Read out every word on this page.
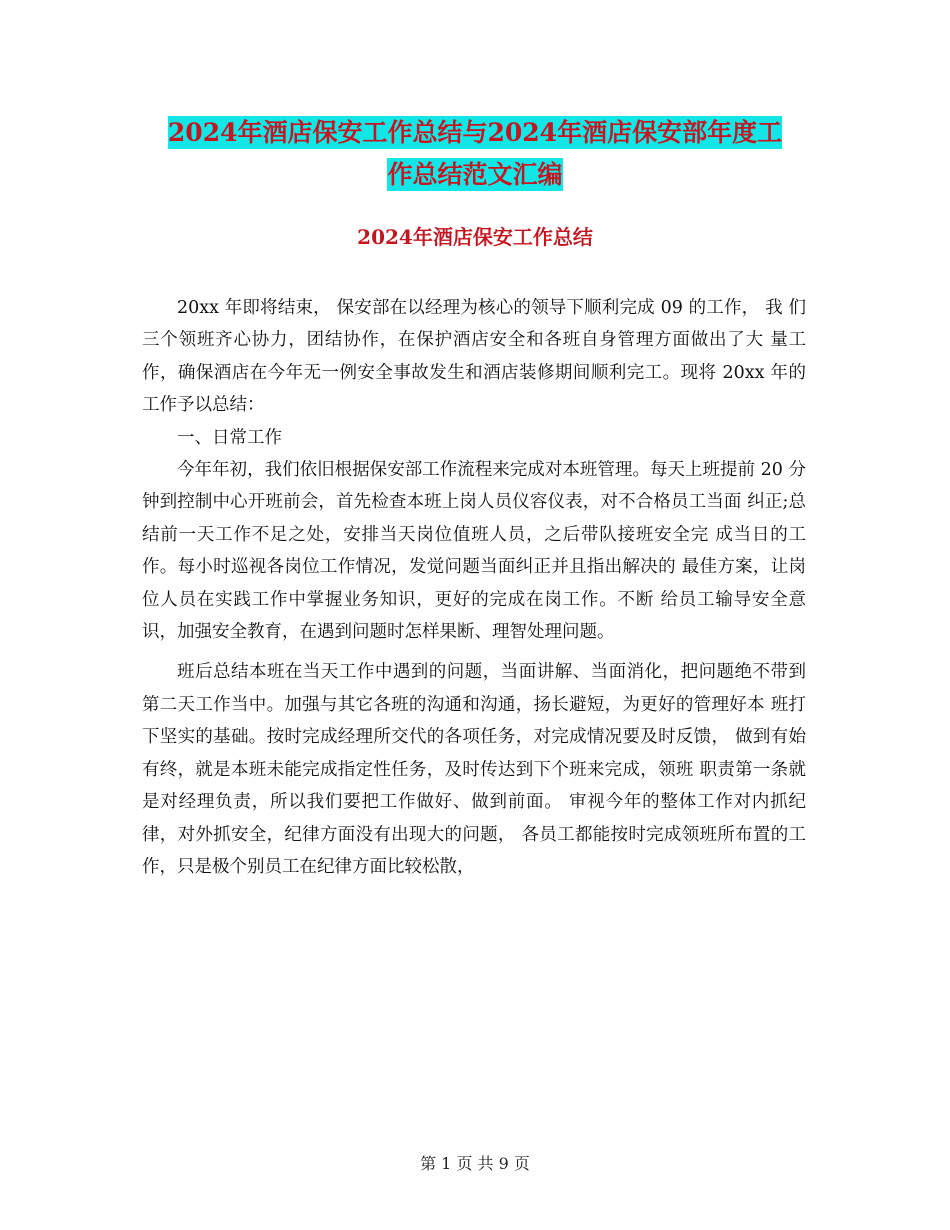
2024年酒店保安工作总结与2024年酒店保安部年度工
作总结范文汇编
2024年酒店保安工作总结

20xx 年即将结束， 保安部在以经理为核心的领导下顺利完成 09 的工作， 我 们三个领班齐心协力，团结协作，在保护酒店安全和各班自身管理方面做出了大 量工作，确保酒店在今年无一例安全事故发生和酒店装修期间顺利完工。现将 20xx 年的工作予以总结：

一、日常工作

今年年初，我们依旧根据保安部工作流程来完成对本班管理。每天上班提前 20 分钟到控制中心开班前会，首先检查本班上岗人员仪容仪表，对不合格员工当面 纠正;总结前一天工作不足之处，安排当天岗位值班人员，之后带队接班安全完 成当日的工作。每小时巡视各岗位工作情况，发觉问题当面纠正并且指出解决的 最佳方案，让岗位人员在实践工作中掌握业务知识，更好的完成在岗工作。不断 给员工输导安全意识，加强安全教育，在遇到问题时怎样果断、理智处理问题。

班后总结本班在当天工作中遇到的问题，当面讲解、当面消化，把问题绝不带到 第二天工作当中。加强与其它各班的沟通和沟通，扬长避短，为更好的管理好本 班打下坚实的基础。按时完成经理所交代的各项任务，对完成情况要及时反馈， 做到有始有终，就是本班未能完成指定性任务，及时传达到下个班来完成，领班 职责第一条就是对经理负责，所以我们要把工作做好、做到前面。 审视今年的整体工作对内抓纪律，对外抓安全，纪律方面没有出现大的问题， 各员工都能按时完成领班所布置的工作，只是极个别员工在纪律方面比较松散，

第 1 页 共 9 页
